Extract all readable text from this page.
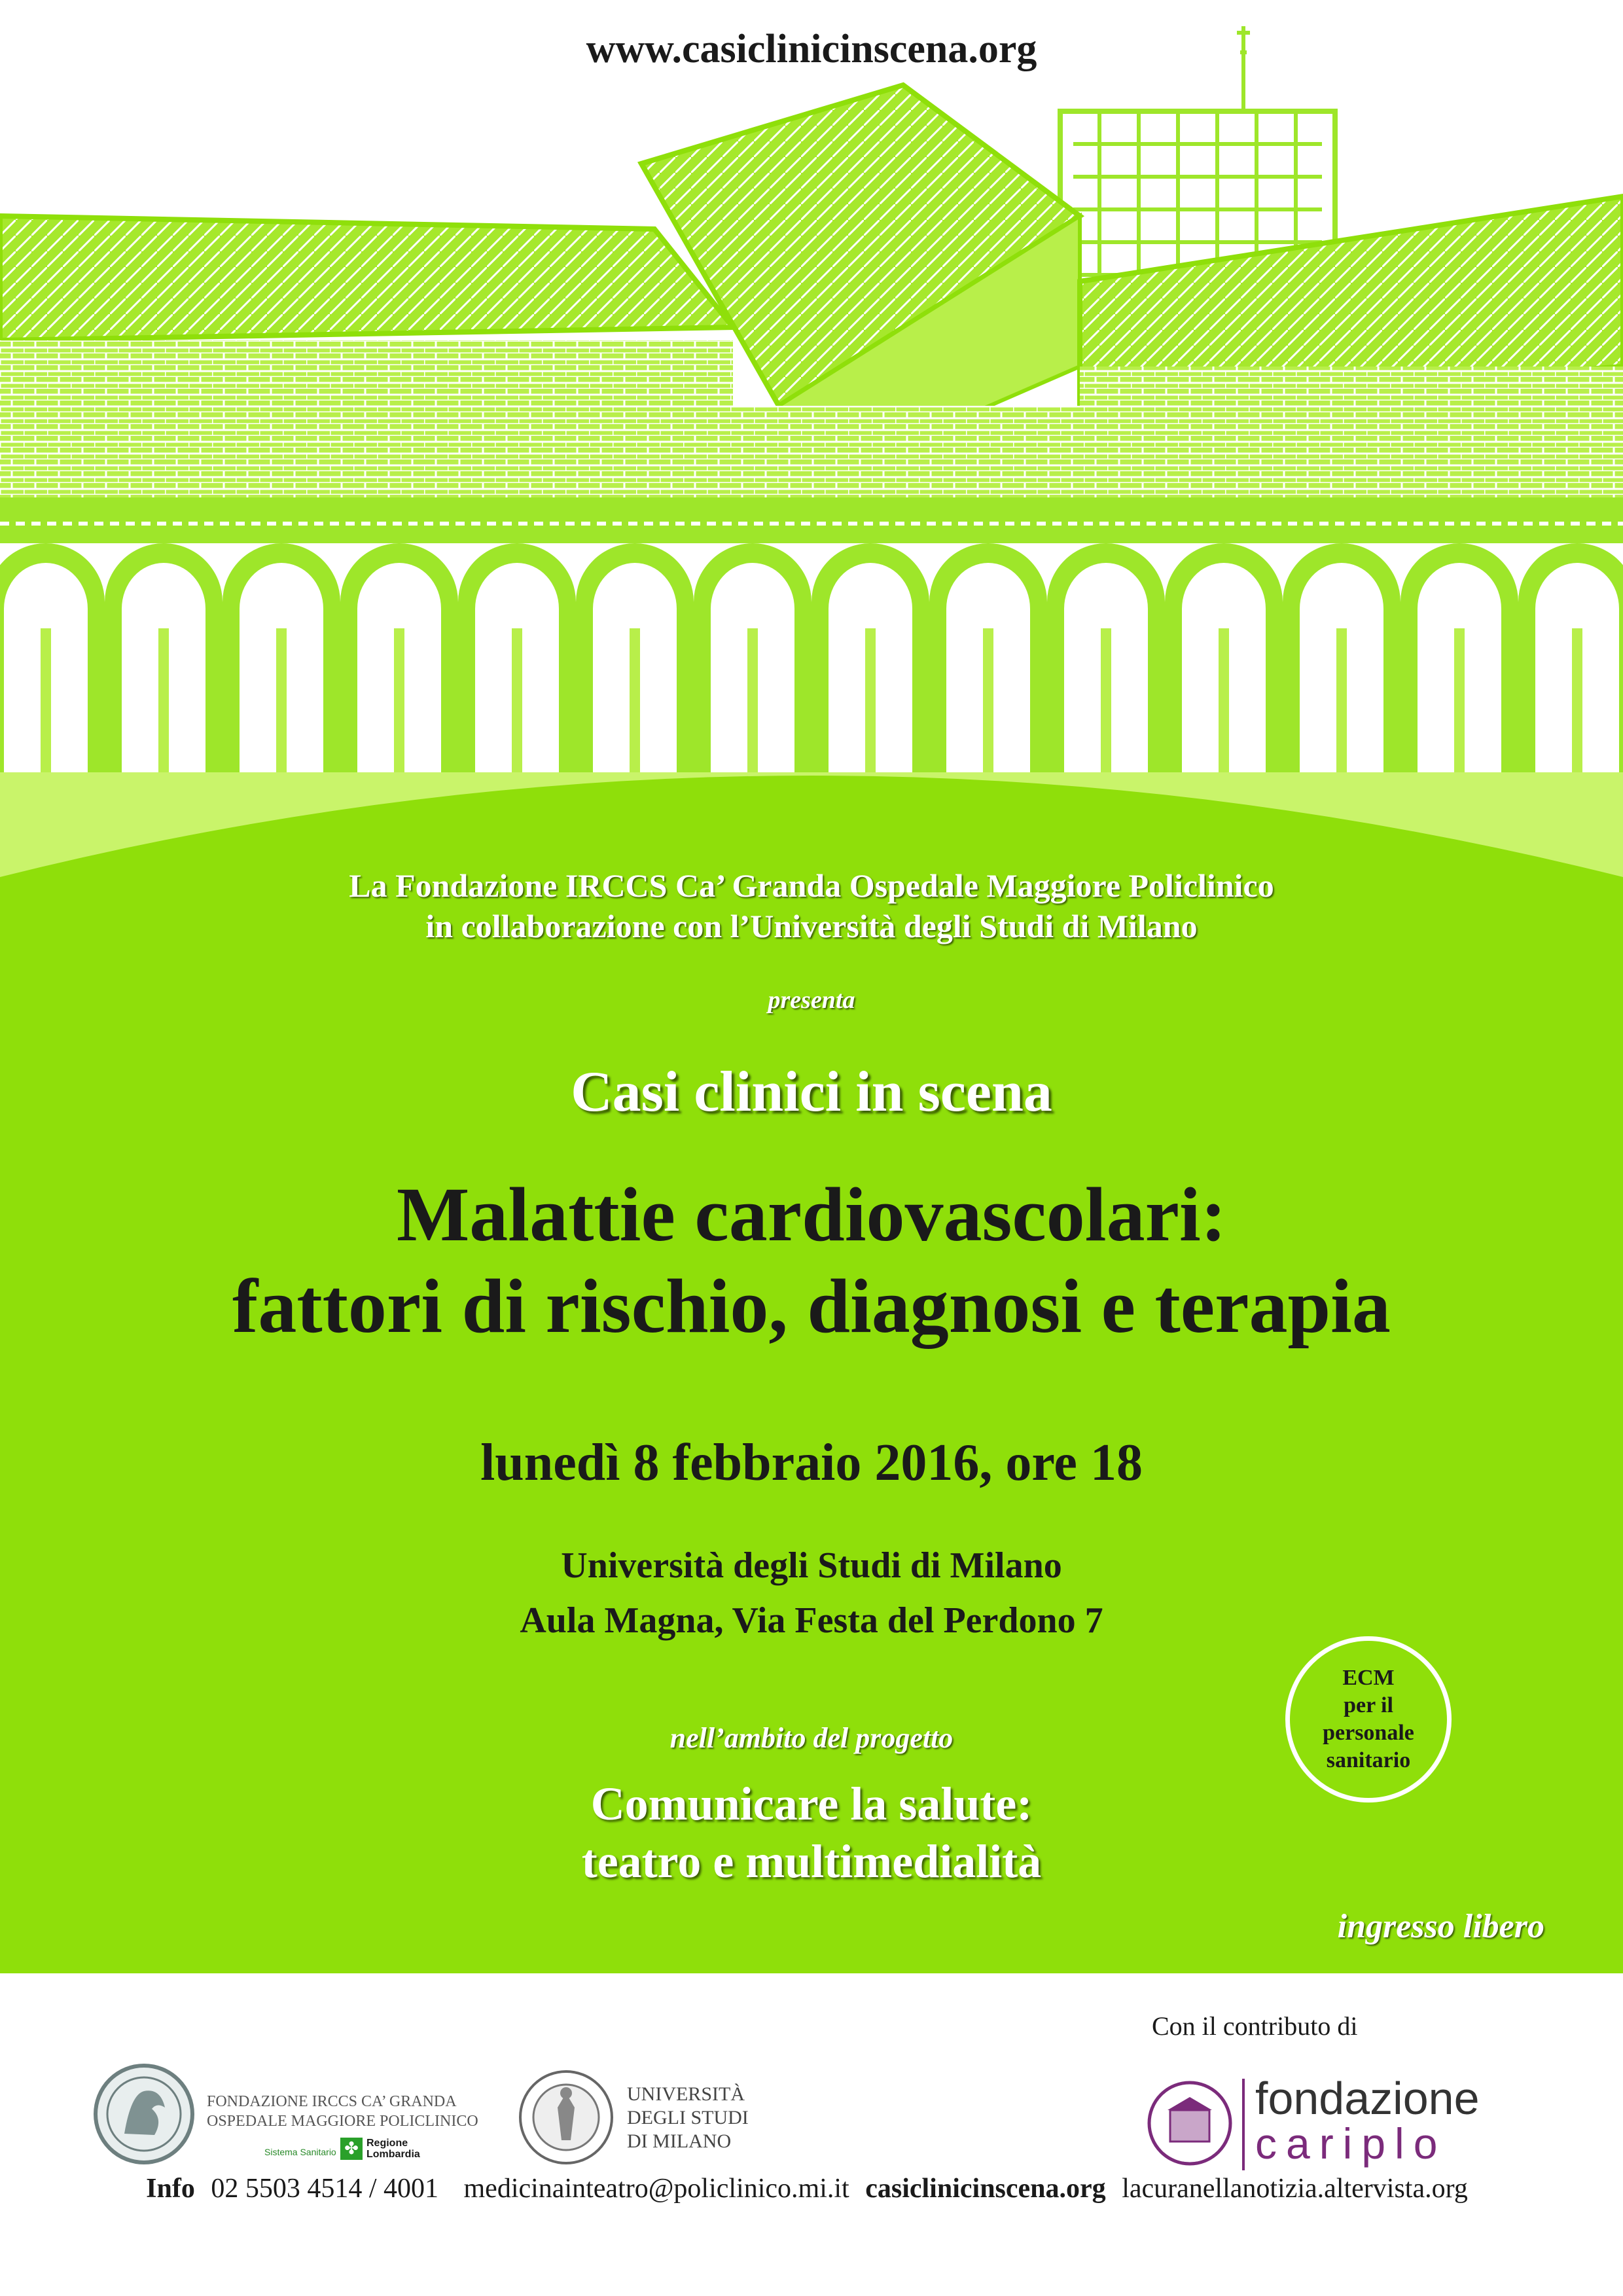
www.casiclinicinscena.org
La Fondazione IRCCS Ca’ Granda Ospedale Maggiore Policlinico
in collaborazione con l’Università degli Studi di Milano
presenta
Casi clinici in scena
Malattie cardiovascolari:
fattori di rischio, diagnosi e terapia
lunedì 8 febbraio 2016, ore 18
Università degli Studi di Milano
Aula Magna, Via Festa del Perdono 7
ECM
per il
personale
sanitario
nell’ambito del progetto
Comunicare la salute:
teatro e multimedialità
ingresso libero
Con il contributo di
FONDAZIONE IRCCS CA’ GRANDA
OSPEDALE MAGGIORE POLICLINICO
Sistema Sanitario ✤ Regione
Lombardia
UNIVERSITÀ
DEGLI STUDI
DI MILANO
fondazione
cariplo
Info 02 5503 4514 / 4001 medicinainteatro@policlinico.mi.it casiclinicinscena.org lacuranellanotizia.altervista.org
